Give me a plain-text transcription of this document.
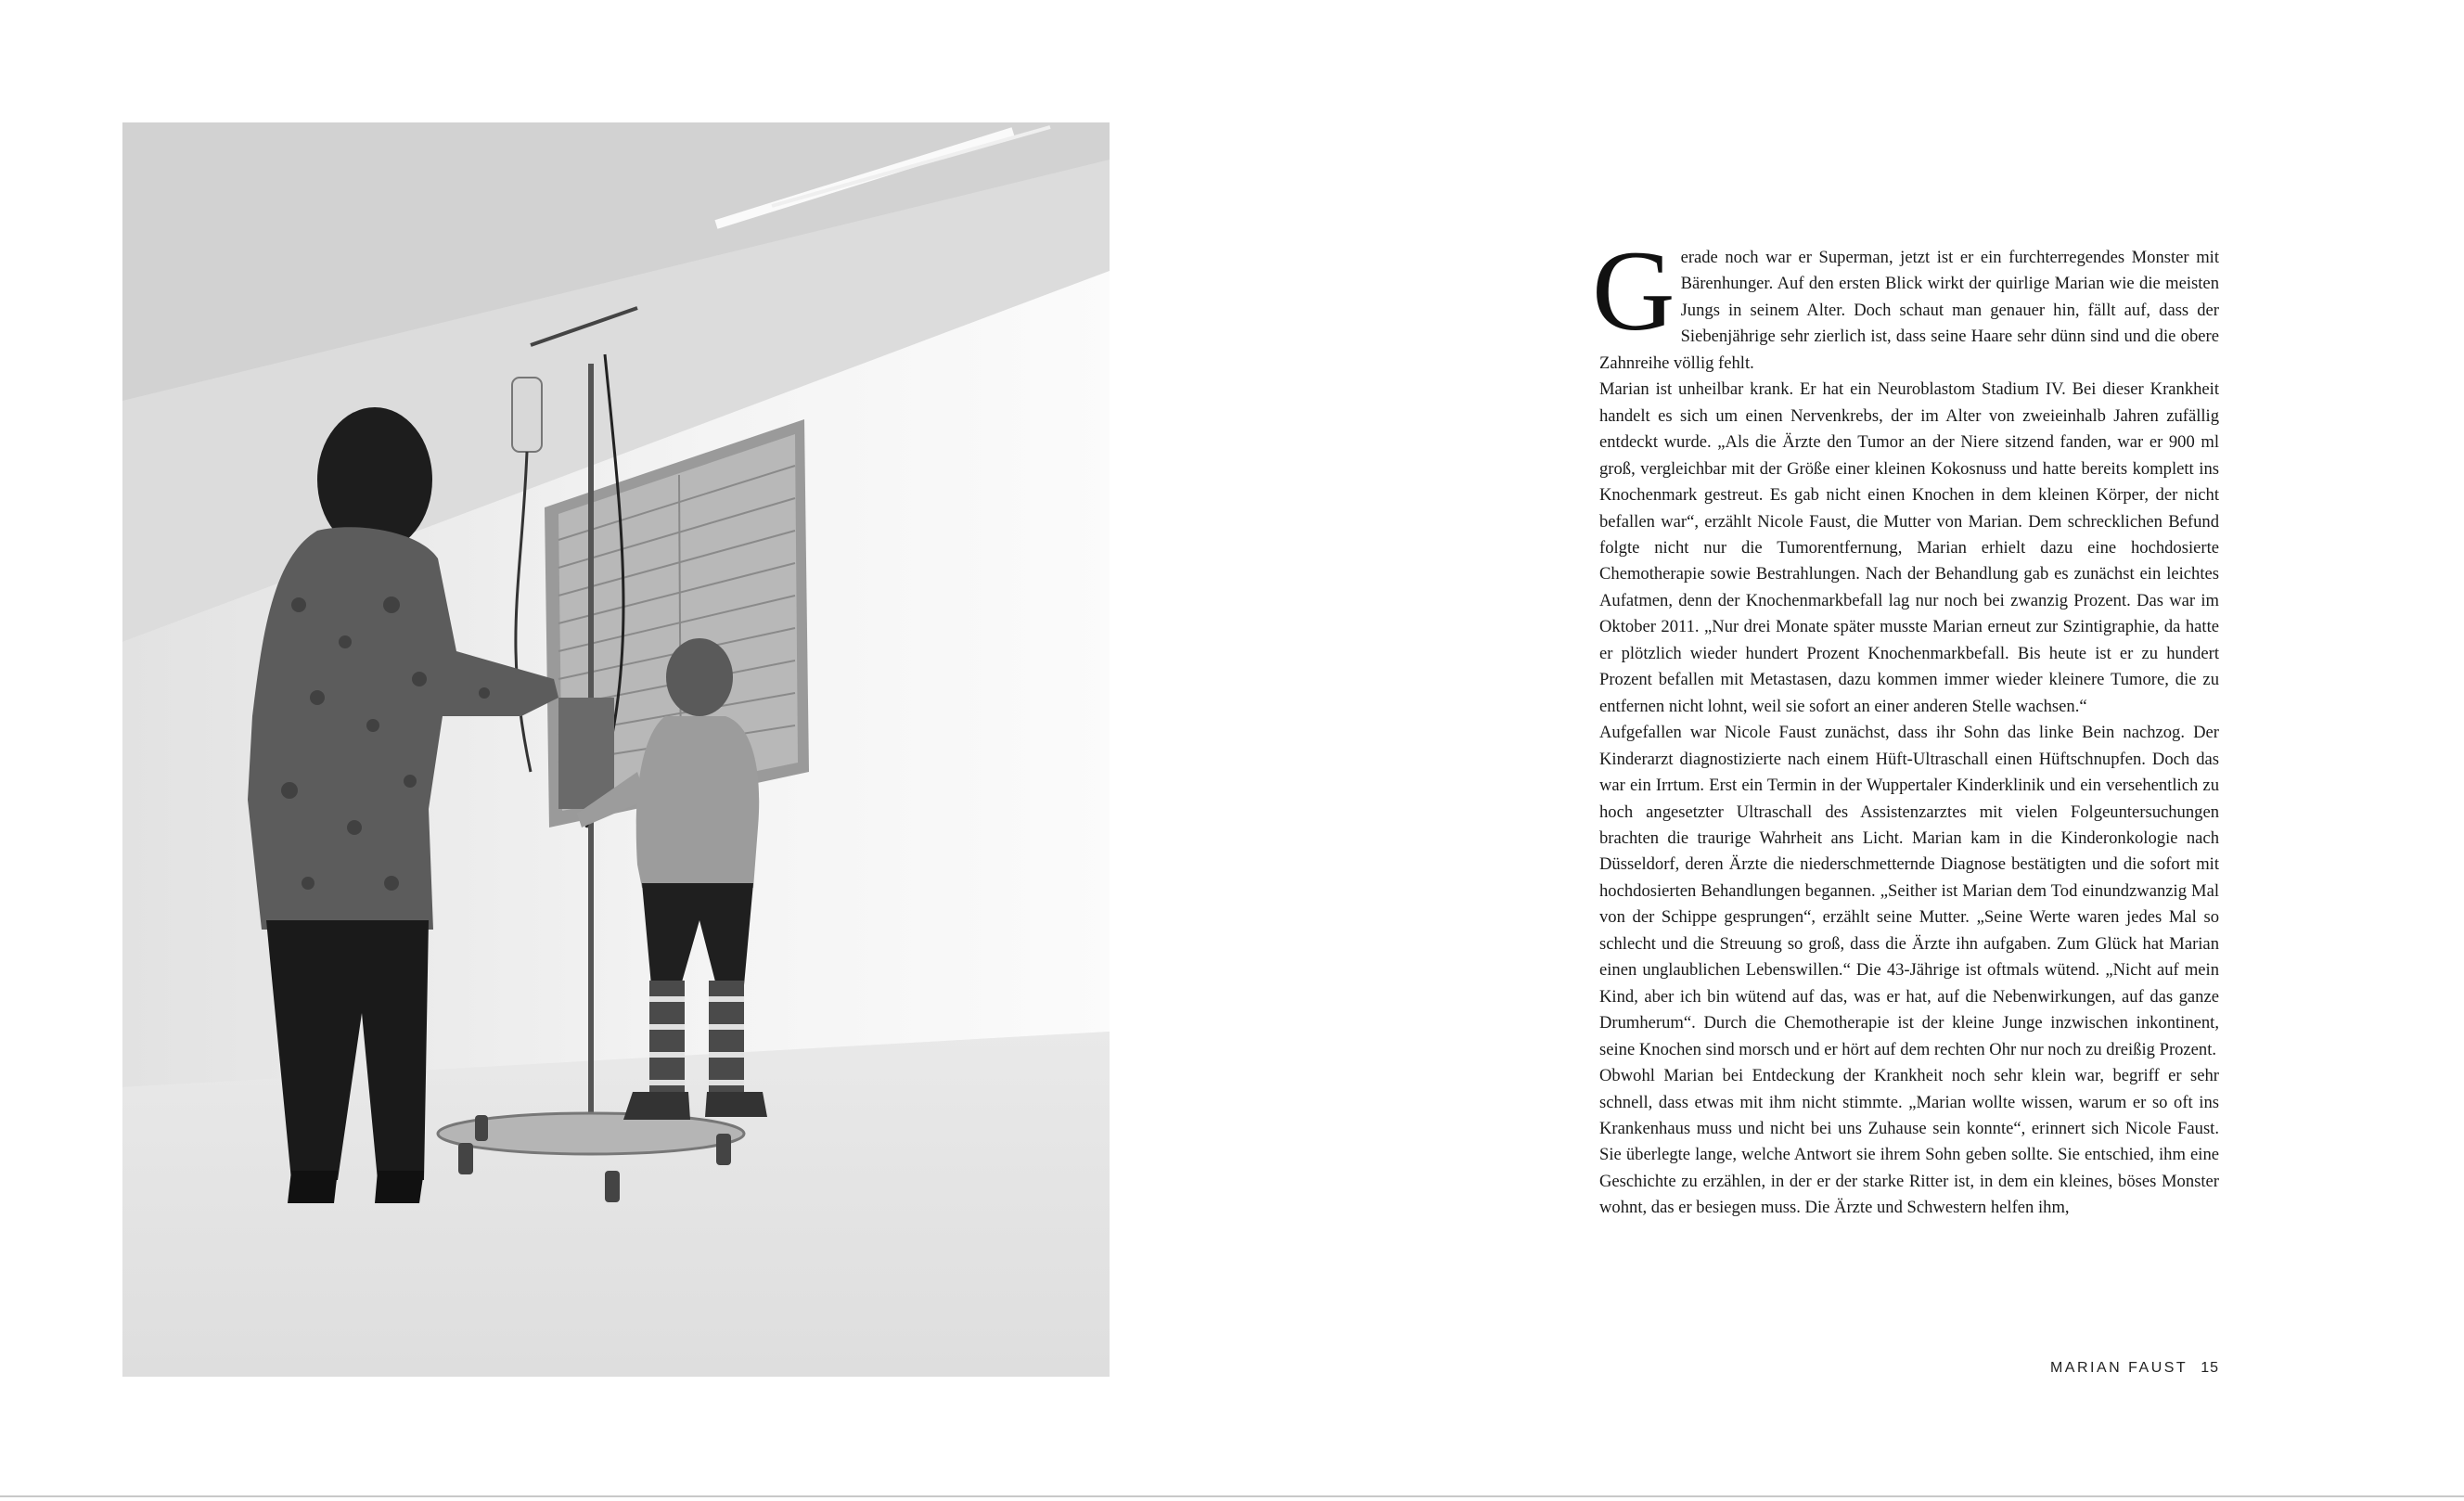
Gerade noch war er Superman, jetzt ist er ein furchterregendes Monster mit Bärenhunger. Auf den ersten Blick wirkt der quirlige Marian wie die meisten Jungs in seinem Alter. Doch schaut man genauer hin, fällt auf, dass der Siebenjährige sehr zierlich ist, dass seine Haare sehr dünn sind und die obere Zahnreihe völlig fehlt.

Marian ist unheilbar krank. Er hat ein Neuroblastom Stadium IV. Bei dieser Krankheit handelt es sich um einen Nervenkrebs, der im Alter von zweieinhalb Jahren zufällig entdeckt wurde. „Als die Ärzte den Tumor an der Niere sitzend fanden, war er 900 ml groß, vergleichbar mit der Größe einer kleinen Kokosnuss und hatte bereits komplett ins Knochenmark gestreut. Es gab nicht einen Knochen in dem kleinen Körper, der nicht befallen war“, erzählt Nicole Faust, die Mutter von Marian. Dem schrecklichen Befund folgte nicht nur die Tumorentfernung, Marian erhielt dazu eine hochdosierte Chemotherapie sowie Bestrahlungen. Nach der Behandlung gab es zunächst ein leichtes Aufatmen, denn der Knochenmarkbefall lag nur noch bei zwanzig Prozent. Das war im Oktober 2011. „Nur drei Monate später musste Marian erneut zur Szintigraphie, da hatte er plötzlich wieder hundert Prozent Knochenmarkbefall. Bis heute ist er zu hundert Prozent befallen mit Metastasen, dazu kommen immer wieder kleinere Tumore, die zu entfernen nicht lohnt, weil sie sofort an einer anderen Stelle wachsen.“

Aufgefallen war Nicole Faust zunächst, dass ihr Sohn das linke Bein nachzog. Der Kinderarzt diagnostizierte nach einem Hüft-Ultraschall einen Hüftschnupfen. Doch das war ein Irrtum. Erst ein Termin in der Wuppertaler Kinderklinik und ein versehentlich zu hoch angesetzter Ultraschall des Assistenzarztes mit vielen Folgeuntersuchungen brachten die traurige Wahrheit ans Licht. Marian kam in die Kinderonkologie nach Düsseldorf, deren Ärzte die niederschmetternde Diagnose bestätigten und die sofort mit hochdosierten Behandlungen begannen. „Seither ist Marian dem Tod einundzwanzig Mal von der Schippe gesprungen“, erzählt seine Mutter. „Seine Werte waren jedes Mal so schlecht und die Streuung so groß, dass die Ärzte ihn aufgaben. Zum Glück hat Marian einen unglaublichen Lebenswillen.“ Die 43-Jährige ist oftmals wütend. „Nicht auf mein Kind, aber ich bin wütend auf das, was er hat, auf die Nebenwirkungen, auf das ganze Drumherum“. Durch die Chemotherapie ist der kleine Junge inzwischen inkontinent, seine Knochen sind morsch und er hört auf dem rechten Ohr nur noch zu dreißig Prozent.

Obwohl Marian bei Entdeckung der Krankheit noch sehr klein war, begriff er sehr schnell, dass etwas mit ihm nicht stimmte. „Marian wollte wissen, warum er so oft ins Krankenhaus muss und nicht bei uns Zuhause sein konnte“, erinnert sich Nicole Faust. Sie überlegte lange, welche Antwort sie ihrem Sohn geben sollte. Sie entschied, ihm eine Geschichte zu erzählen, in der er der starke Ritter ist, in dem ein kleines, böses Monster wohnt, das er besiegen muss. Die Ärzte und Schwestern helfen ihm,

MARIAN FAUST 15
